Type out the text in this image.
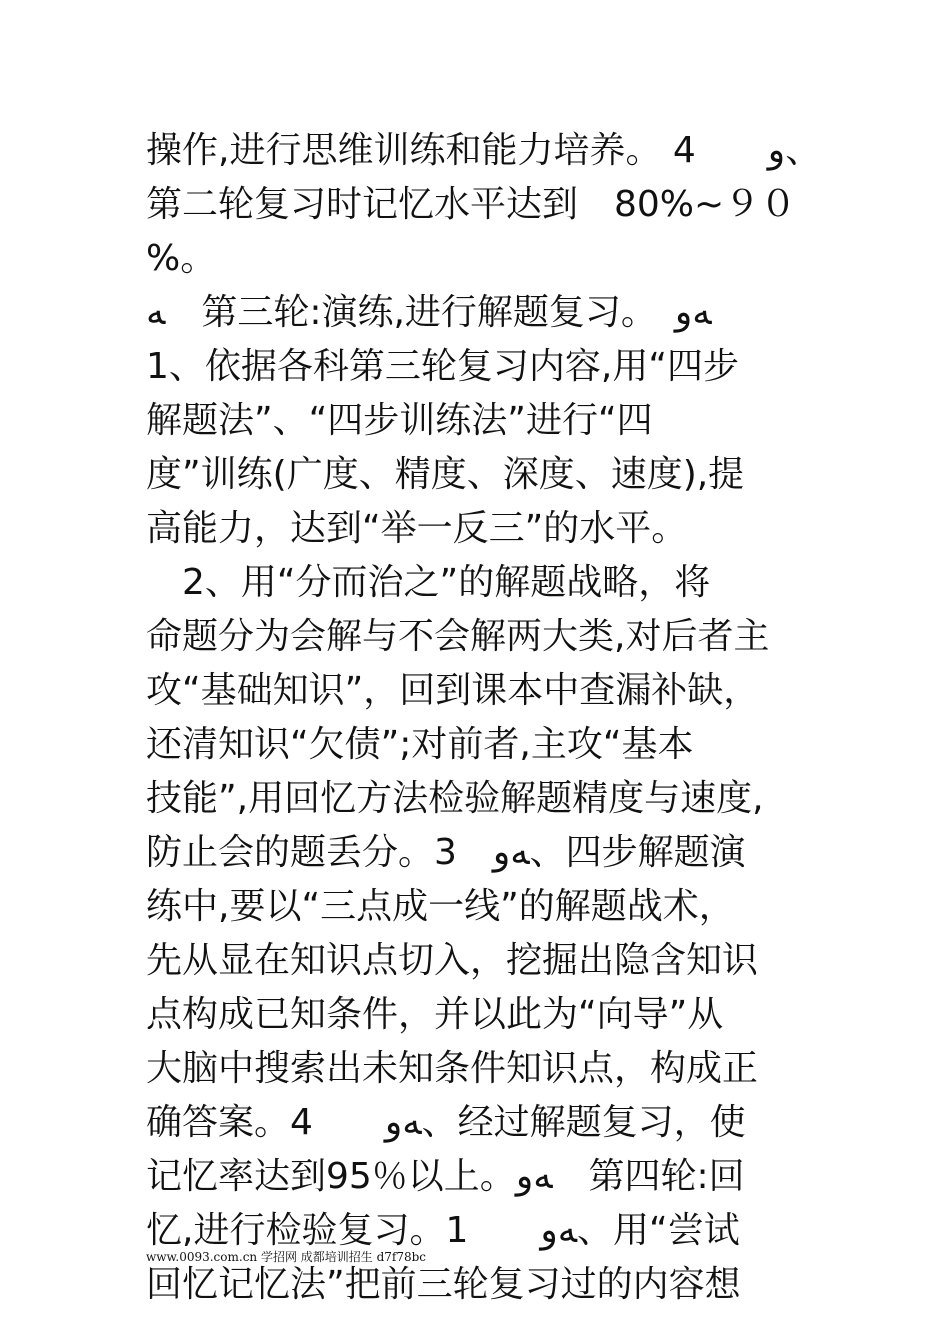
操作,进行思维训练和能力培养。 4　　ﻭ、
第二轮复习时记忆水平达到　80%~９０
%。
ﻪ　第三轮:演练,进行解题复习。　ﻪﻭ
1、依据各科第三轮复习内容,用“四步
解题法”、“四步训练法”进行“四
度”训练(广度、精度、深度、速度),提
高能力，达到“举一反三”的水平。
　2、用“分而治之”的解题战略，将
命题分为会解与不会解两大类,对后者主
攻“基础知识”，回到课本中查漏补缺，
还清知识“欠债”;对前者,主攻“基本
技能”,用回忆方法检验解题精度与速度,
防止会的题丢分。3　ﻪﻭ、四步解题演
练中,要以“三点成一线”的解题战术，
先从显在知识点切入，挖掘出隐含知识
点构成已知条件，并以此为“向导”从
大脑中搜索出未知条件知识点，构成正
确答案。4　　ﻪﻭ、经过解题复习，使
记忆率达到95％以上。ﻪﻭ　第四轮:回
忆,进行检验复习。1　　ﻪﻭ、用“尝试
回忆记忆法”把前三轮复习过的内容想
www.0093.com.cn 学招网 成都培训招生 d7f78bc
